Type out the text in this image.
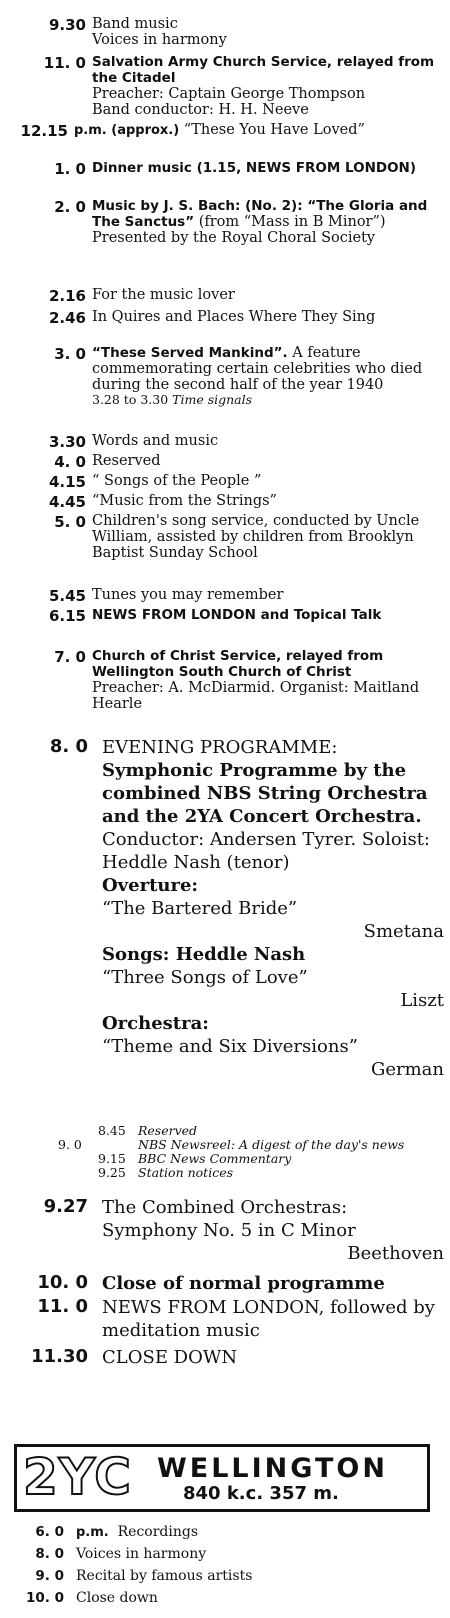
9.30 Band music
Voices in harmony
11. 0 Salvation Army Church Service, relayed from the Citadel
Preacher: Captain George Thompson
Band conductor: H. H. Neeve
12.15 p.m. (approx.) “These You Have Loved”
1. 0 Dinner music (1.15, NEWS FROM LONDON)
2. 0 Music by J. S. Bach: (No. 2): “The Gloria and The Sanctus” (from “Mass in B Minor”) Presented by the Royal Choral Society
2.16 For the music lover
2.46 In Quires and Places Where They Sing
3. 0 “These Served Mankind”. A feature commemorating certain celebrities who died during the second half of the year 1940
3.28 to 3.30 Time signals
3.30 Words and music
4. 0 Reserved
4.15 “ Songs of the People ”
4.45 “Music from the Strings”
5. 0 Children's song service, conducted by Uncle William, assisted by children from Brooklyn Baptist Sunday School
5.45 Tunes you may remember
6.15 NEWS FROM LONDON and Topical Talk
7. 0 Church of Christ Service, relayed from Wellington South Church of Christ
Preacher: A. McDiarmid. Organist: Maitland Hearle
8. 0 EVENING PROGRAMME:
Symphonic Programme by the combined NBS String Orchestra and the 2YA Concert Orchestra. Conductor: Andersen Tyrer. Soloist: Heddle Nash (tenor)
Overture:
“The Bartered Bride”
Smetana
Songs: Heddle Nash
“Three Songs of Love”
Liszt
Orchestra:
“Theme and Six Diversions”
German
8.45 Reserved
9. 0	NBS Newsreel: A digest of the day's news
9.15 BBC News Commentary
9.25 Station notices
9.27 The Combined Orchestras: Symphony No. 5 in C Minor
Beethoven
10. 0 Close of normal programme
11. 0 NEWS FROM LONDON, followed by meditation music
11.30 CLOSE DOWN
2YC WELLINGTON
840 k.c. 357 m.
6. 0 p.m. Recordings
8. 0 Voices in harmony
9. 0 Recital by famous artists
10. 0 Close down
